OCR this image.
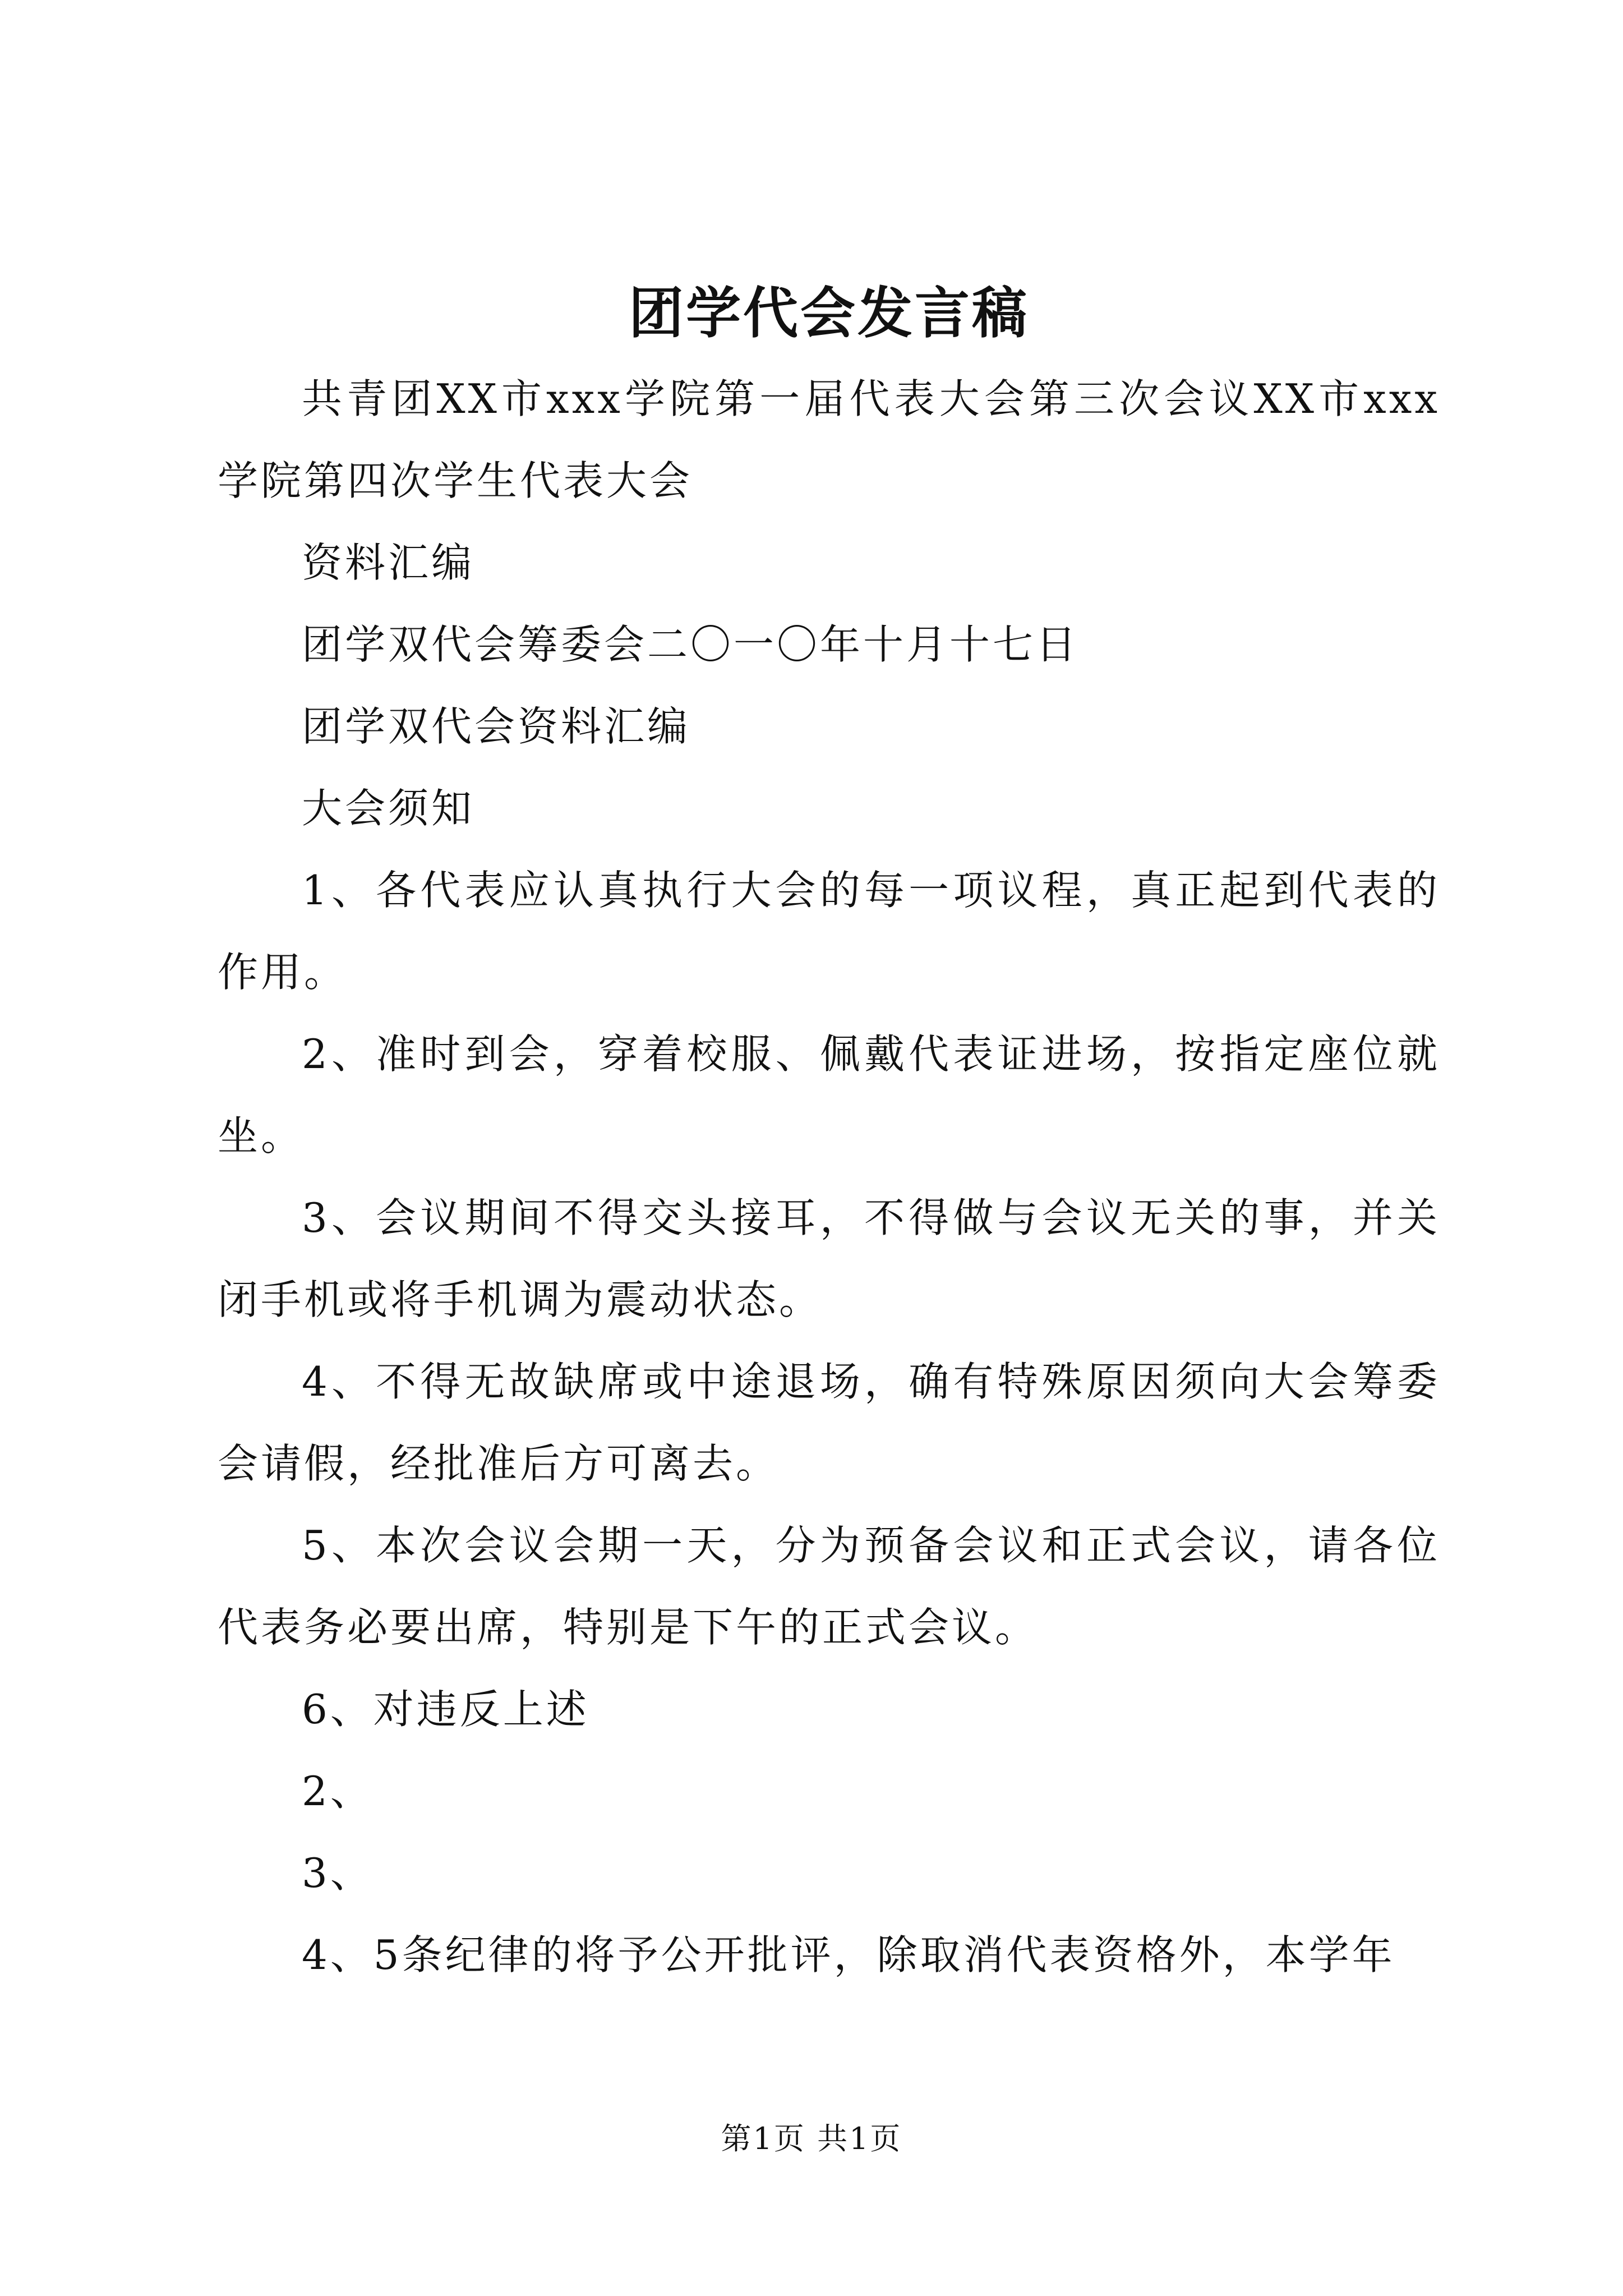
团学代会发言稿

共青团XX市xxx学院第一届代表大会第三次会议XX市xxx学院第四次学生代表大会

资料汇编

团学双代会筹委会二〇一〇年十月十七日

团学双代会资料汇编

大会须知

1、各代表应认真执行大会的每一项议程，真正起到代表的作用。

2、准时到会，穿着校服、佩戴代表证进场，按指定座位就坐。

3、会议期间不得交头接耳，不得做与会议无关的事，并关闭手机或将手机调为震动状态。

4、不得无故缺席或中途退场，确有特殊原因须向大会筹委会请假，经批准后方可离去。

5、本次会议会期一天，分为预备会议和正式会议，请各位代表务必要出席，特别是下午的正式会议。

6、对违反上述

2、

3、

4、5条纪律的将予公开批评，除取消代表资格外，本学年

第1页 共1页
